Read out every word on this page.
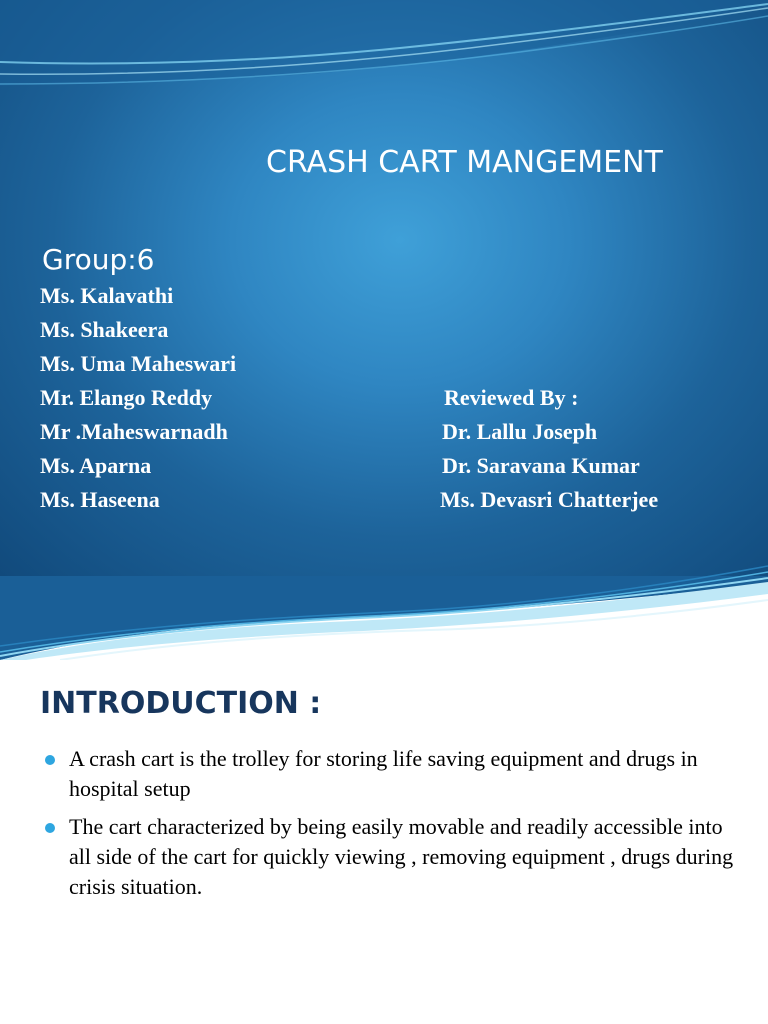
CRASH CART MANGEMENT
Group:6
Ms. Kalavathi
Ms. Shakeera
Ms. Uma Maheswari
Mr. Elango Reddy
Mr .Maheswarnadh
Ms. Aparna
Ms. Haseena
Reviewed By :
Dr. Lallu Joseph
Dr. Saravana Kumar
Ms. Devasri Chatterjee
INTRODUCTION :
A crash cart is the trolley for storing life saving equipment and drugs in hospital setup
The cart characterized by being easily movable and readily accessible into all side of the cart for quickly viewing , removing equipment , drugs during crisis situation.
